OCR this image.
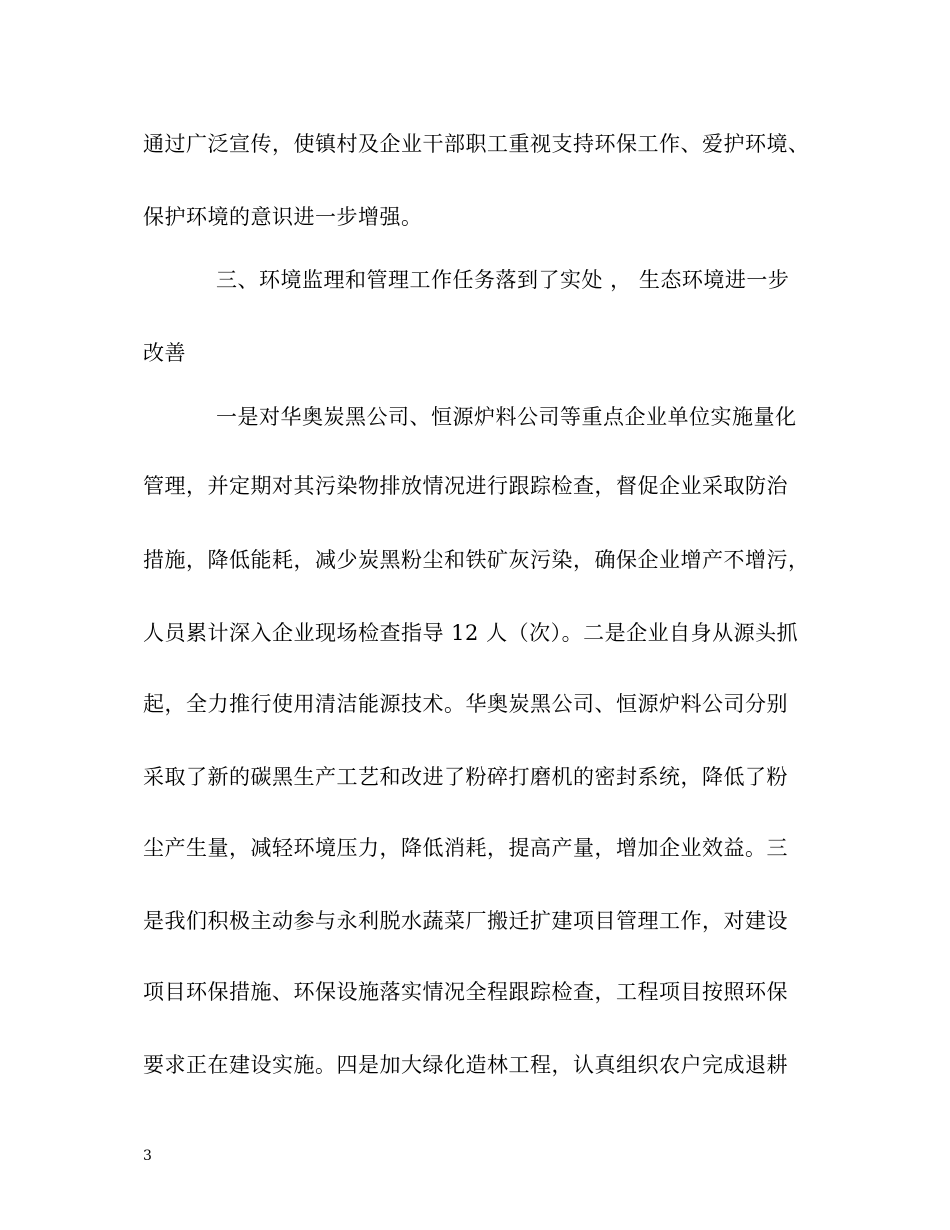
通过广泛宣传，使镇村及企业干部职工重视支持环保工作、爱护环境、
保护环境的意识进一步增强。
三、环境监理和管理工作任务落到了实处 ， 生态环境进一步
改善
一是对华奥炭黑公司、恒源炉料公司等重点企业单位实施量化
管理，并定期对其污染物排放情况进行跟踪检查，督促企业采取防治
措施，降低能耗，减少炭黑粉尘和铁矿灰污染，确保企业增产不增污，
人员累计深入企业现场检查指导 12 人（次）。二是企业自身从源头抓
起，全力推行使用清洁能源技术。华奥炭黑公司、恒源炉料公司分别
采取了新的碳黑生产工艺和改进了粉碎打磨机的密封系统，降低了粉
尘产生量，减轻环境压力，降低消耗，提高产量，增加企业效益。三
是我们积极主动参与永利脱水蔬菜厂搬迁扩建项目管理工作，对建设
项目环保措施、环保设施落实情况全程跟踪检查，工程项目按照环保
要求正在建设实施。四是加大绿化造林工程，认真组织农户完成退耕
3
